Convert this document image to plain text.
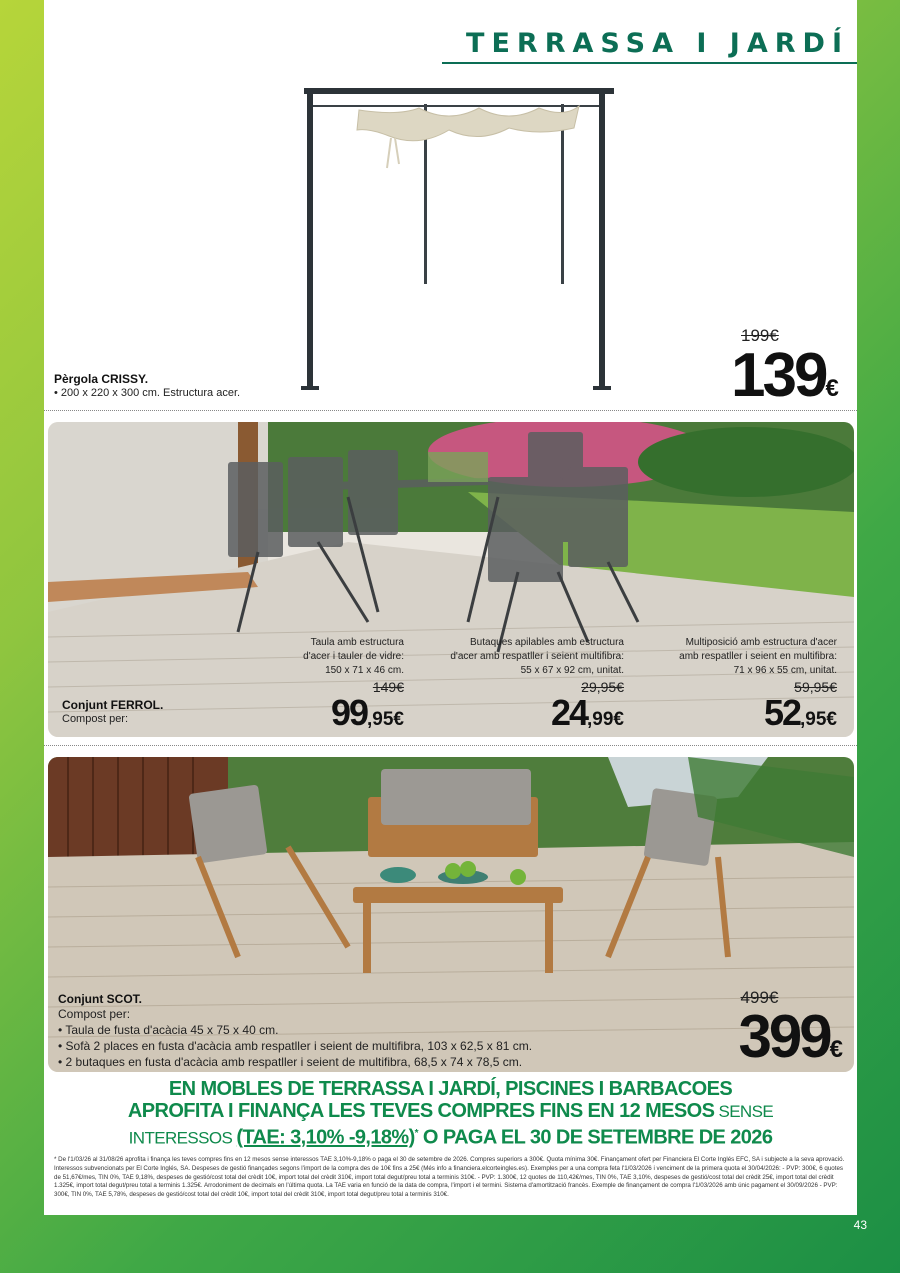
TERRASSA I JARDÍ
Pèrgola CRISSY.
• 200 x 220 x 300 cm. Estructura acer.
199€
139€
Taula amb estructura
d'acer i tauler de vidre:
150 x 71 x 46 cm.
149€
99,95€
Butaques apilables amb estructura
d'acer amb respatller i seient multifibra:
55 x 67 x 92 cm, unitat.
29,95€
24,99€
Multiposició amb estructura d'acer
amb respatller i seient en multifibra:
71 x 96 x 55 cm, unitat.
59,95€
52,95€
Conjunt FERROL.
Compost per:
Conjunt SCOT.
Compost per:
• Taula de fusta d'acàcia 45 x 75 x 40 cm.
• Sofà 2 places en fusta d'acàcia amb respatller i seient de multifibra, 103 x 62,5 x 81 cm.
• 2 butaques en fusta d'acàcia amb respatller i seient de multifibra, 68,5 x 74 x 78,5 cm.
499€
399€
EN MOBLES DE TERRASSA I JARDÍ, PISCINES I BARBACOES
APROFITA I FINANÇA LES TEVES COMPRES FINS EN 12 MESOS SENSE
INTERESSOS (TAE: 3,10% -9,18%)* O PAGA EL 30 DE SETEMBRE DE 2026
* De l'1/03/26 al 31/08/26 aprofita i finança les teves compres fins en 12 mesos sense interessos TAE 3,10%-9,18% o paga el 30 de setembre de 2026. Compres superiors a 300€. Quota mínima 30€. Finançament ofert per Financiera El Corte Inglés EFC, SA i subjecte a la seva aprovació. Interessos subvencionats per El Corte Inglés, SA. Despeses de gestió finançades segons l'import de la compra des de 10€ fins a 25€ (Més info a financiera.elcorteingles.es). Exemples per a una compra feta l'1/03/2026 i venciment de la primera quota el 30/04/2026: - PVP: 300€, 6 quotes de 51,67€/mes, TIN 0%, TAE 9,18%, despeses de gestió/cost total del crèdit 10€, import total del crèdit 310€, import total degut/preu total a terminis 310€. - PVP: 1.300€, 12 quotes de 110,42€/mes, TIN 0%, TAE 3,10%, despeses de gestió/cost total del crèdit 25€, import total del crèdit 1.325€, import total degut/preu total a terminis 1.325€. Arrodoniment de decimals en l'última quota. La TAE varia en funció de la data de compra, l'import i el termini. Sistema d'amortització francès. Exemple de finançament de compra l'1/03/2026 amb únic pagament el 30/09/2026 - PVP: 300€, TIN 0%, TAE 5,78%, despeses de gestió/cost total del crèdit 10€, import total del crèdit 310€, import total degut/preu total a terminis 310€.
43
